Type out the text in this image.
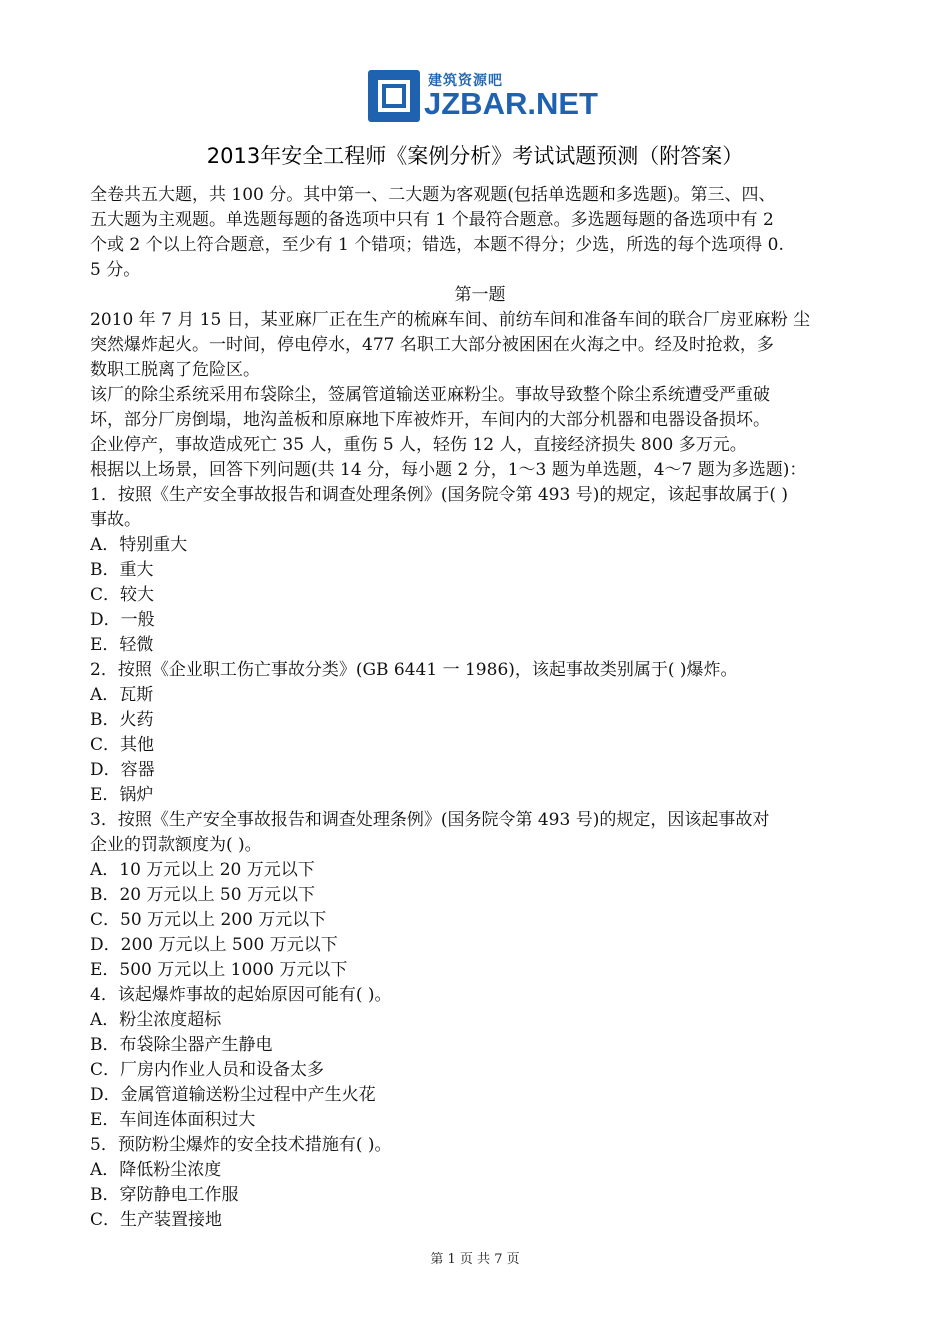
建筑资源吧
JZBAR.NET
2013年安全工程师《案例分析》考试试题预测（附答案）
全卷共五大题，共 100 分。其中第一、二大题为客观题(包括单选题和多选题)。第三、四、
五大题为主观题。单选题每题的备选项中只有 1 个最符合题意。多选题每题的备选项中有 2
个或 2 个以上符合题意，至少有 1 个错项；错选，本题不得分；少选，所选的每个选项得 0.
5 分。
第一题
2010 年 7 月 15 日，某亚麻厂正在生产的梳麻车间、前纺车间和准备车间的联合厂房亚麻粉 尘
突然爆炸起火。一时间，停电停水，477 名职工大部分被困困在火海之中。经及时抢救，多
数职工脱离了危险区。
该厂的除尘系统采用布袋除尘，签属管道输送亚麻粉尘。事故导致整个除尘系统遭受严重破
坏，部分厂房倒塌，地沟盖板和原麻地下库被炸开，车间内的大部分机器和电器设备损坏。
企业停产，事故造成死亡 35 人，重伤 5 人，轻伤 12 人，直接经济损失 800 多万元。
根据以上场景，回答下列问题(共 14 分，每小题 2 分，1～3 题为单选题，4～7 题为多选题)：
1．按照《生产安全事故报告和调查处理条例》(国务院令第 493 号)的规定，该起事故属于( )
事故。
A．特别重大
B．重大
C．较大
D．一般
E．轻微
2．按照《企业职工伤亡事故分类》(GB 6441 一 1986)，该起事故类别属于( )爆炸。
A．瓦斯
B．火药
C．其他
D．容器
E．锅炉
3．按照《生产安全事故报告和调查处理条例》(国务院令第 493 号)的规定，因该起事故对
企业的罚款额度为( )。
A．10 万元以上 20 万元以下
B．20 万元以上 50 万元以下
C．50 万元以上 200 万元以下
D．200 万元以上 500 万元以下
E．500 万元以上 1000 万元以下
4．该起爆炸事故的起始原因可能有( )。
A．粉尘浓度超标
B．布袋除尘器产生静电
C．厂房内作业人员和设备太多
D．金属管道输送粉尘过程中产生火花
E．车间连体面积过大
5．预防粉尘爆炸的安全技术措施有( )。
A．降低粉尘浓度
B．穿防静电工作服
C．生产装置接地
第 1 页 共 7 页
